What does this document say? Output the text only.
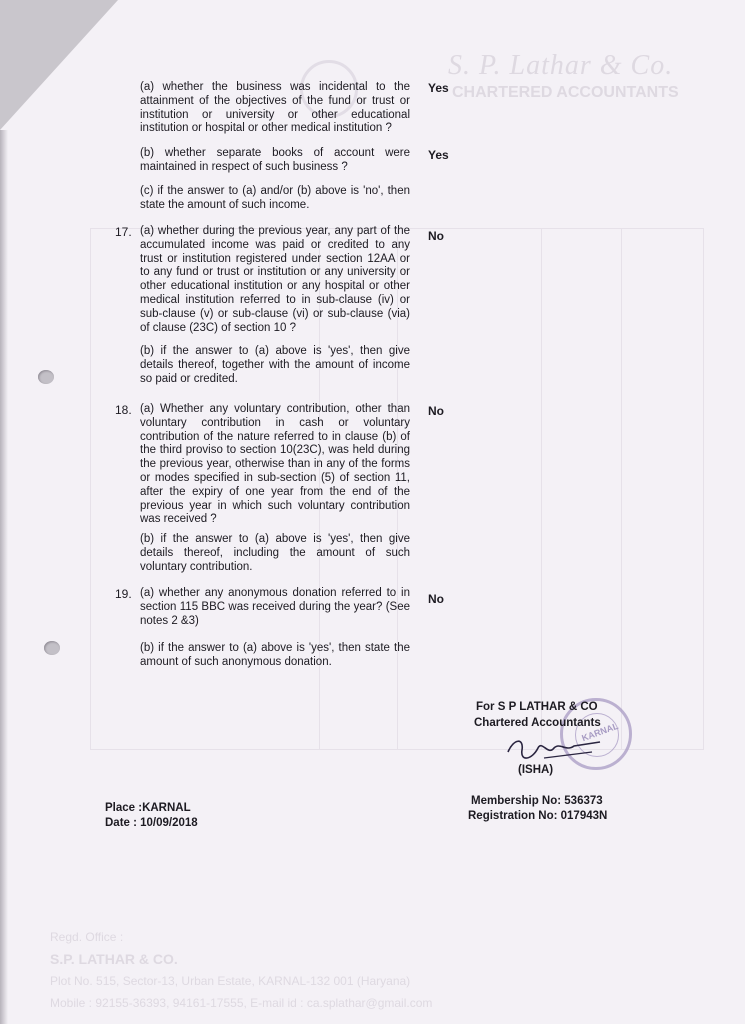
S. P. Lathar & Co.
CHARTERED ACCOUNTANTS
Regd. Office :
S.P. LATHAR & CO.
Plot No. 515, Sector-13, Urban Estate, KARNAL-132 001 (Haryana)
Mobile : 92155-36393, 94161-17555, E-mail id : ca.splathar@gmail.com
(a) whether the business was incidental to the attainment of the objectives of the fund or trust or institution or university or other educational institution or hospital or other medical institution ?
Yes
(b) whether separate books of account were maintained in respect of such business ?
Yes
(c) if the answer to (a) and/or (b) above is 'no', then state the amount of such income.
17. (a) whether during the previous year, any part of the accumulated income was paid or credited to any trust or institution registered under section 12AA or to any fund or trust or institution or any university or other educational institution or any hospital or other medical institution referred to in sub-clause (iv) or sub-clause (v) or sub-clause (vi) or sub-clause (via) of clause (23C) of section 10 ?
No
(b) if the answer to (a) above is 'yes', then give details thereof, together with the amount of income so paid or credited.
18. (a) Whether any voluntary contribution, other than voluntary contribution in cash or voluntary contribution of the nature referred to in clause (b) of the third proviso to section 10(23C), was held during the previous year, otherwise than in any of the forms or modes specified in sub-section (5) of section 11, after the expiry of one year from the end of the previous year in which such voluntary contribution was received ?
No
(b) if the answer to (a) above is 'yes', then give details thereof, including the amount of such voluntary contribution.
19. (a) whether any anonymous donation referred to in section 115 BBC was received during the year? (See notes 2 &3)
No
(b) if the answer to (a) above is 'yes', then state the amount of such anonymous donation.
KARNAL
For S P LATHAR & CO
Chartered Accountants
(ISHA)
Membership No: 536373
Registration No: 017943N
Place :KARNAL
Date : 10/09/2018
